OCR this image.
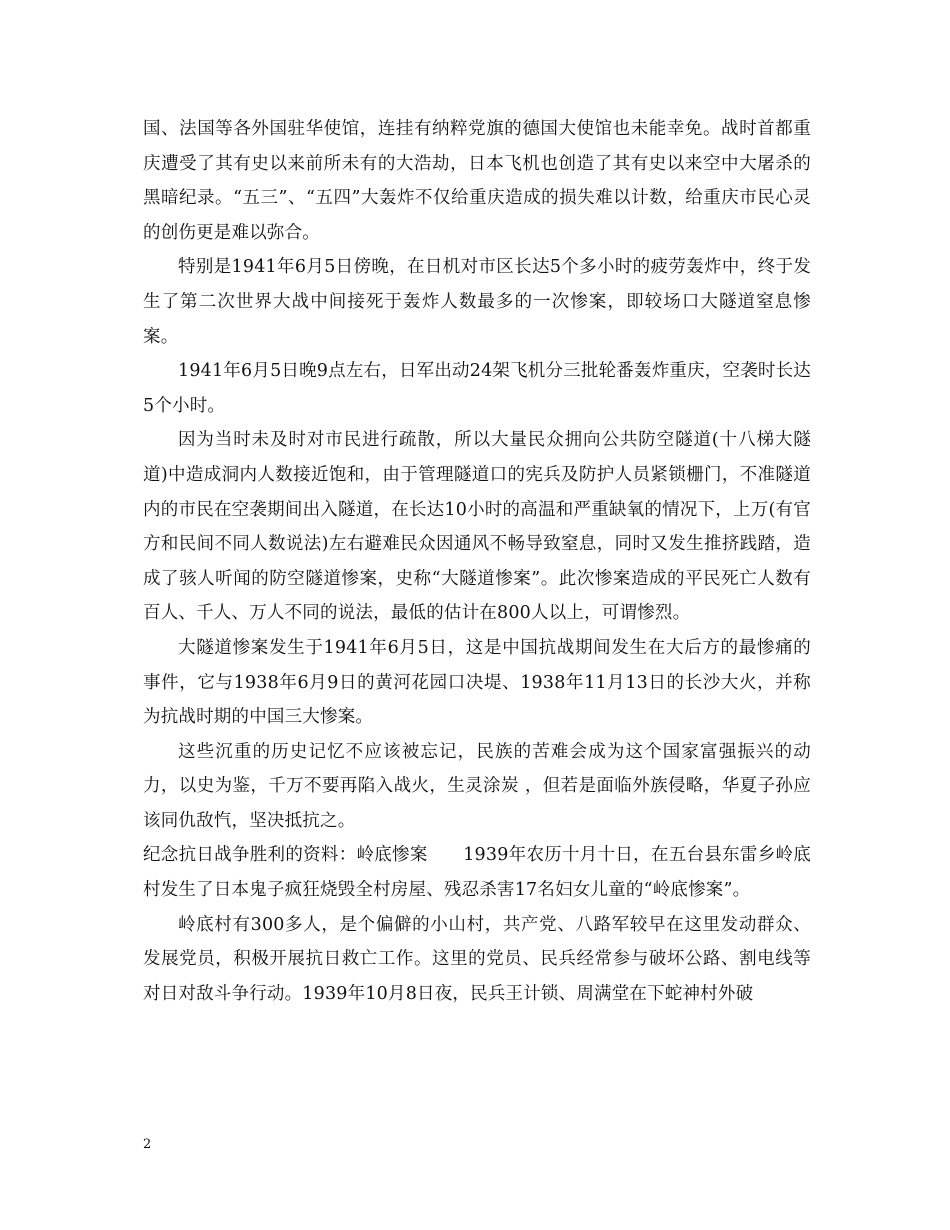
国、法国等各外国驻华使馆，连挂有纳粹党旗的德国大使馆也未能幸免。战时首都重庆遭受了其有史以来前所未有的大浩劫，日本飞机也创造了其有史以来空中大屠杀的黑暗纪录。“五三”、“五四”大轰炸不仅给重庆造成的损失难以计数，给重庆市民心灵的创伤更是难以弥合。

特别是1941年6月5日傍晚，在日机对市区长达5个多小时的疲劳轰炸中，终于发生了第二次世界大战中间接死于轰炸人数最多的一次惨案，即较场口大隧道窒息惨案。

1941年6月5日晚9点左右，日军出动24架飞机分三批轮番轰炸重庆，空袭时长达5个小时。

因为当时未及时对市民进行疏散，所以大量民众拥向公共防空隧道(十八梯大隧道)中造成洞内人数接近饱和，由于管理隧道口的宪兵及防护人员紧锁栅门，不准隧道内的市民在空袭期间出入隧道，在长达10小时的高温和严重缺氧的情况下，上万(有官方和民间不同人数说法)左右避难民众因通风不畅导致窒息，同时又发生推挤践踏，造成了骇人听闻的防空隧道惨案，史称“大隧道惨案”。此次惨案造成的平民死亡人数有百人、千人、万人不同的说法，最低的估计在800人以上，可谓惨烈。

大隧道惨案发生于1941年6月5日，这是中国抗战期间发生在大后方的最惨痛的事件，它与1938年6月9日的黄河花园口决堤、1938年11月13日的长沙大火，并称为抗战时期的中国三大惨案。

这些沉重的历史记忆不应该被忘记，民族的苦难会成为这个国家富强振兴的动力，以史为鉴，千万不要再陷入战火，生灵涂炭 ，但若是面临外族侵略，华夏子孙应该同仇敌忾，坚决抵抗之。

纪念抗日战争胜利的资料：岭底惨案　　1939年农历十月十日，在五台县东雷乡岭底村发生了日本鬼子疯狂烧毁全村房屋、残忍杀害17名妇女儿童的“岭底惨案”。

岭底村有300多人，是个偏僻的小山村，共产党、八路军较早在这里发动群众、发展党员，积极开展抗日救亡工作。这里的党员、民兵经常参与破坏公路、割电线等对日对敌斗争行动。1939年10月8日夜，民兵王计锁、周满堂在下蛇神村外破

2
